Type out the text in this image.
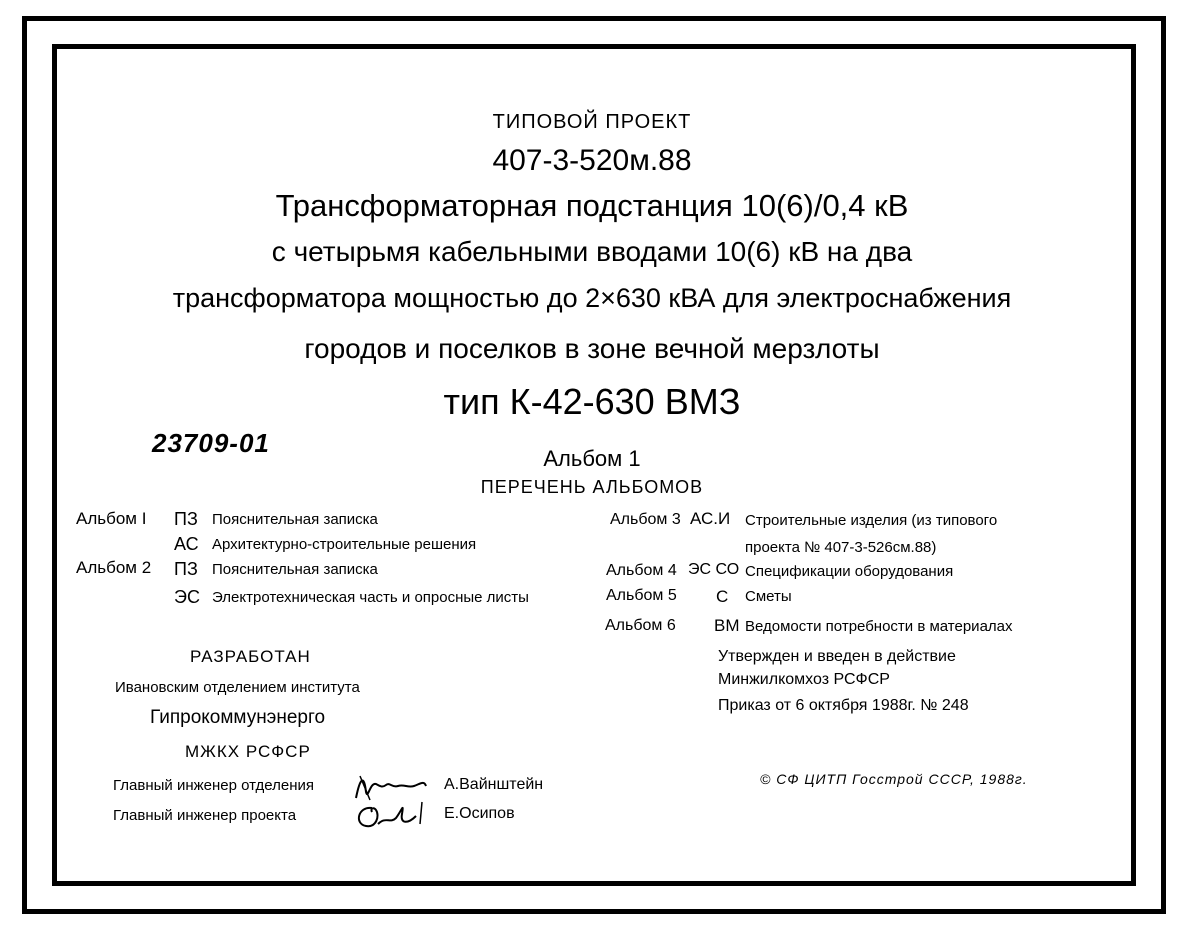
ТИПОВОЙ ПРОЕКТ
407-3-520м.88
Трансформаторная подстанция 10(6)/0,4 кВ
с четырьмя кабельными вводами 10(6) кВ на два
трансформатора мощностью до 2×630 кВА для электроснабжения
городов и поселков в зоне вечной мерзлоты
тип К-42-630 ВМЗ
23709-01
Альбом 1
ПЕРЕЧЕНЬ АЛЬБОМОВ
Альбом I ПЗ Пояснительная записка
АС Архитектурно-строительные решения
Альбом 2 ПЗ Пояснительная записка
ЭС Электротехническая часть и опросные листы
Альбом 3 АС.И Строительные изделия (из типового
проекта № 407-3-526см.88)
Альбом 4 ЭС СО Спецификации оборудования
Альбом 5 С Сметы
Альбом 6 ВМ Ведомости потребности в материалах
РАЗРАБОТАН
Ивановским отделением института
Гипрокоммунэнерго
МЖКХ РСФСР
Утвержден и введен в действие
Минжилкомхоз РСФСР
Приказ от 6 октября 1988г. № 248
Главный инженер отделения	А.Вайнштейн
Главный инженер проекта	Е.Осипов
© СФ ЦИТП Госстрой СССР, 1988г.
